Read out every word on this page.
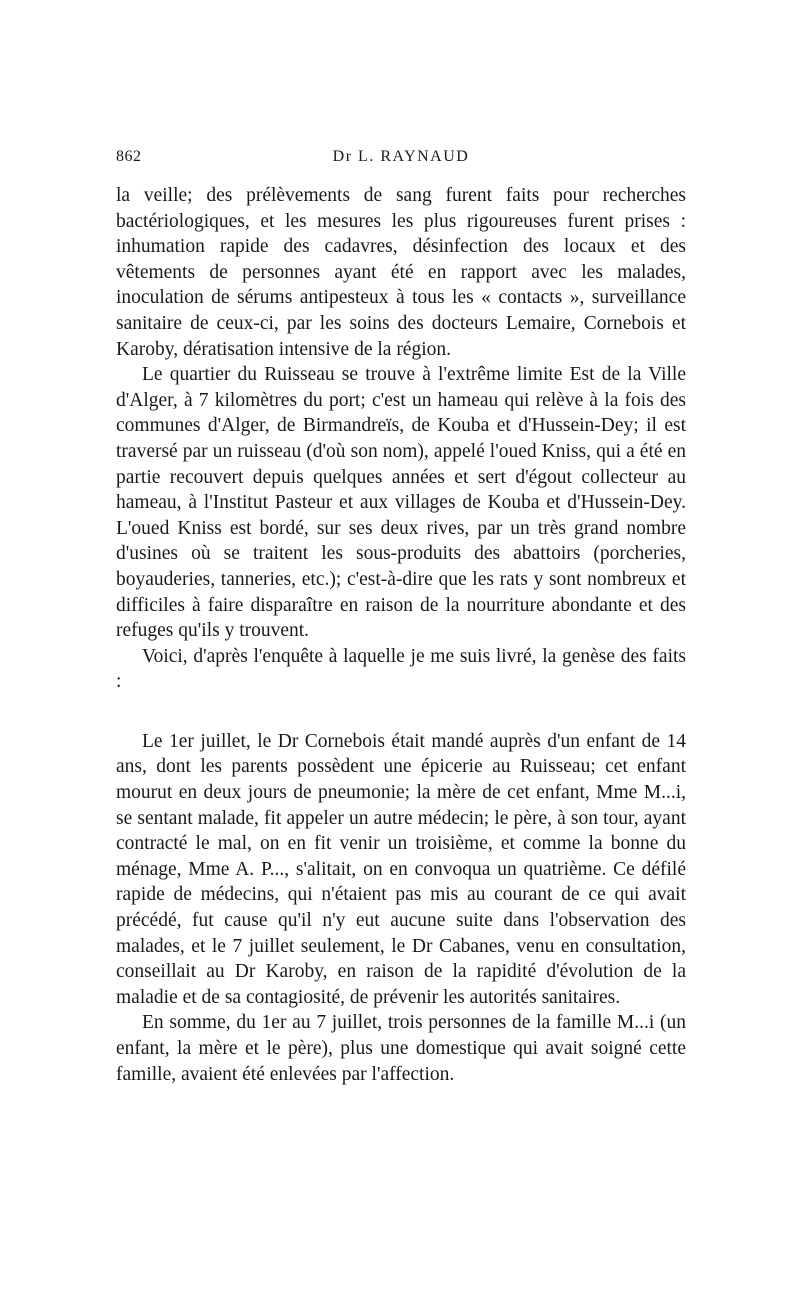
862	Dr L. RAYNAUD

la veille; des prélèvements de sang furent faits pour recherches bactériologiques, et les mesures les plus rigoureuses furent prises : inhumation rapide des cadavres, désinfection des locaux et des vêtements de personnes ayant été en rapport avec les malades, inoculation de sérums antipesteux à tous les « contacts », surveillance sanitaire de ceux-ci, par les soins des docteurs Lemaire, Cornebois et Karoby, dératisation intensive de la région.

Le quartier du Ruisseau se trouve à l'extrême limite Est de la Ville d'Alger, à 7 kilomètres du port; c'est un hameau qui relève à la fois des communes d'Alger, de Birmandreïs, de Kouba et d'Hussein-Dey; il est traversé par un ruisseau (d'où son nom), appelé l'oued Kniss, qui a été en partie recouvert depuis quelques années et sert d'égout collecteur au hameau, à l'Institut Pasteur et aux villages de Kouba et d'Hussein-Dey. L'oued Kniss est bordé, sur ses deux rives, par un très grand nombre d'usines où se traitent les sous-produits des abattoirs (porcheries, boyauderies, tanneries, etc.); c'est-à-dire que les rats y sont nombreux et difficiles à faire disparaître en raison de la nourriture abondante et des refuges qu'ils y trouvent.

Voici, d'après l'enquête à laquelle je me suis livré, la genèse des faits :

Le 1er juillet, le Dr Cornebois était mandé auprès d'un enfant de 14 ans, dont les parents possèdent une épicerie au Ruisseau; cet enfant mourut en deux jours de pneumonie; la mère de cet enfant, Mme M...i, se sentant malade, fit appeler un autre médecin; le père, à son tour, ayant contracté le mal, on en fit venir un troisième, et comme la bonne du ménage, Mme A. P..., s'alitait, on en convoqua un quatrième. Ce défilé rapide de médecins, qui n'étaient pas mis au courant de ce qui avait précédé, fut cause qu'il n'y eut aucune suite dans l'observation des malades, et le 7 juillet seulement, le Dr Cabanes, venu en consultation, conseillait au Dr Karoby, en raison de la rapidité d'évolution de la maladie et de sa contagiosité, de prévenir les autorités sanitaires.

En somme, du 1er au 7 juillet, trois personnes de la famille M...i (un enfant, la mère et le père), plus une domestique qui avait soigné cette famille, avaient été enlevées par l'affection.
